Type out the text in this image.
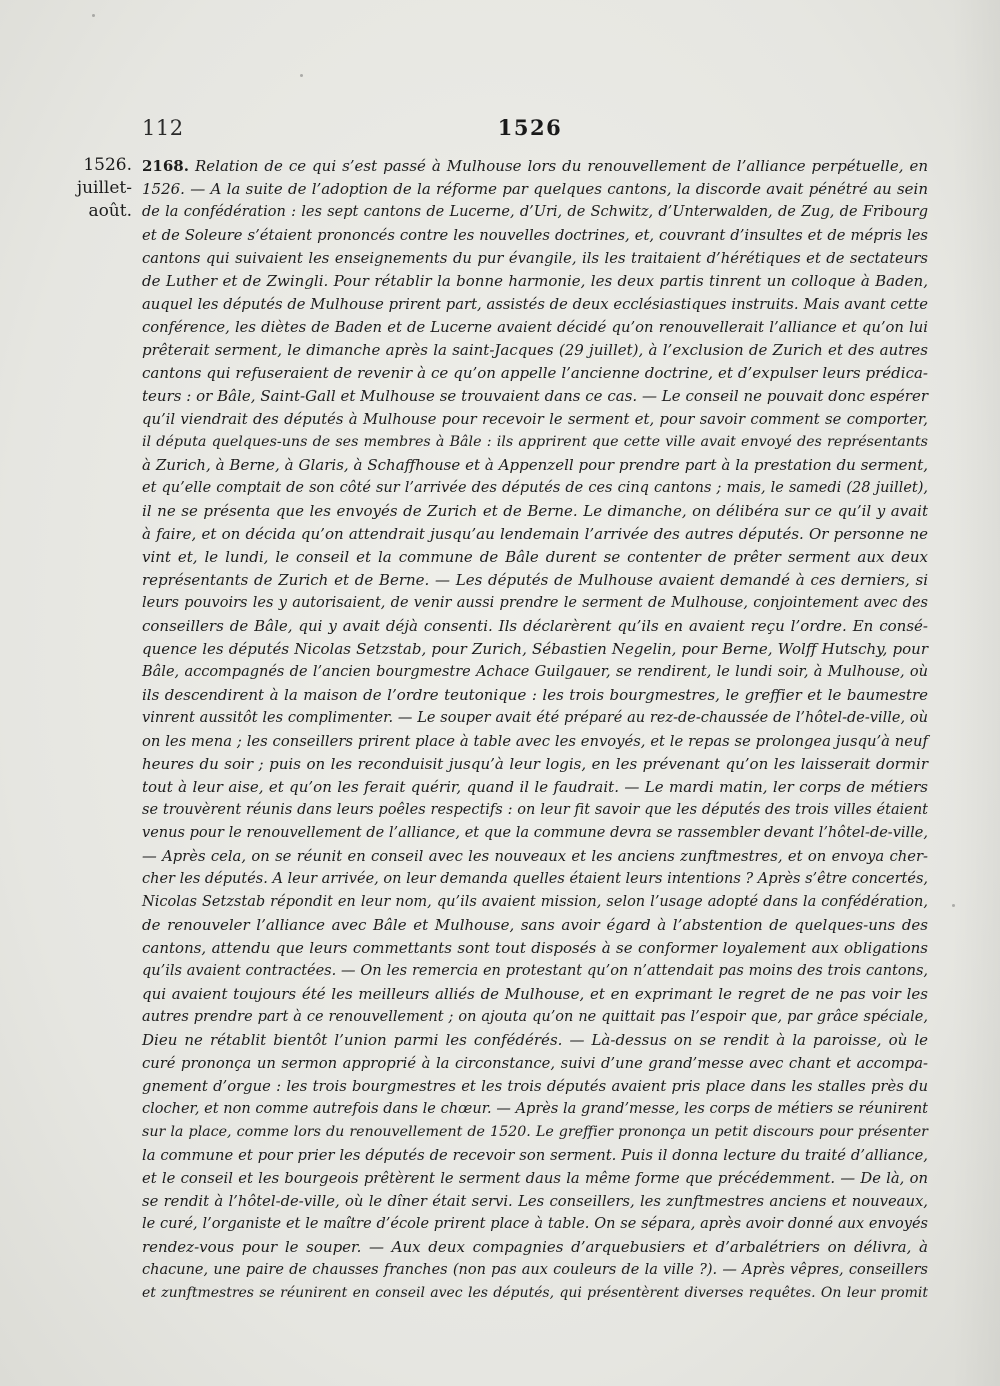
112	1526
1526.
juillet-
août.
2168. Relation de ce qui s’est passé à Mulhouse lors du renouvellement de l’alliance perpétuelle, en
1526. — A la suite de l’adoption de la réforme par quelques cantons, la discorde avait pénétré au sein
de la confédération : les sept cantons de Lucerne, d’Uri, de Schwitz, d’Unterwalden, de Zug, de Fribourg
et de Soleure s’étaient prononcés contre les nouvelles doctrines, et, couvrant d’insultes et de mépris les
cantons qui suivaient les enseignements du pur évangile, ils les traitaient d’hérétiques et de sectateurs
de Luther et de Zwingli. Pour rétablir la bonne harmonie, les deux partis tinrent un colloque à Baden,
auquel les députés de Mulhouse prirent part, assistés de deux ecclésiastiques instruits. Mais avant cette
conférence, les diètes de Baden et de Lucerne avaient décidé qu’on renouvellerait l’alliance et qu’on lui
prêterait serment, le dimanche après la saint-Jacques (29 juillet), à l’exclusion de Zurich et des autres
cantons qui refuseraient de revenir à ce qu’on appelle l’ancienne doctrine, et d’expulser leurs prédica-
teurs : or Bâle, Saint-Gall et Mulhouse se trouvaient dans ce cas. — Le conseil ne pouvait donc espérer
qu’il viendrait des députés à Mulhouse pour recevoir le serment et, pour savoir comment se comporter,
il députa quelques-uns de ses membres à Bâle : ils apprirent que cette ville avait envoyé des représentants
à Zurich, à Berne, à Glaris, à Schaffhouse et à Appenzell pour prendre part à la prestation du serment,
et qu’elle comptait de son côté sur l’arrivée des députés de ces cinq cantons ; mais, le samedi (28 juillet),
il ne se présenta que les envoyés de Zurich et de Berne. Le dimanche, on délibéra sur ce qu’il y avait
à faire, et on décida qu’on attendrait jusqu’au lendemain l’arrivée des autres députés. Or personne ne
vint et, le lundi, le conseil et la commune de Bâle durent se contenter de prêter serment aux deux
représentants de Zurich et de Berne. — Les députés de Mulhouse avaient demandé à ces derniers, si
leurs pouvoirs les y autorisaient, de venir aussi prendre le serment de Mulhouse, conjointement avec des
conseillers de Bâle, qui y avait déjà consenti. Ils déclarèrent qu’ils en avaient reçu l’ordre. En consé-
quence les députés Nicolas Setzstab, pour Zurich, Sébastien Negelin, pour Berne, Wolff Hutschy, pour
Bâle, accompagnés de l’ancien bourgmestre Achace Guilgauer, se rendirent, le lundi soir, à Mulhouse, où
ils descendirent à la maison de l’ordre teutonique : les trois bourgmestres, le greffier et le baumestre
vinrent aussitôt les complimenter. — Le souper avait été préparé au rez-de-chaussée de l’hôtel-de-ville, où
on les mena ; les conseillers prirent place à table avec les envoyés, et le repas se prolongea jusqu’à neuf
heures du soir ; puis on les reconduisit jusqu’à leur logis, en les prévenant qu’on les laisserait dormir
tout à leur aise, et qu’on les ferait quérir, quand il le faudrait. — Le mardi matin, ler corps de métiers
se trouvèrent réunis dans leurs poêles respectifs : on leur fit savoir que les députés des trois villes étaient
venus pour le renouvellement de l’alliance, et que la commune devra se rassembler devant l’hôtel-de-ville,
— Après cela, on se réunit en conseil avec les nouveaux et les anciens zunftmestres, et on envoya cher-
cher les députés. A leur arrivée, on leur demanda quelles étaient leurs intentions ? Après s’être concertés,
Nicolas Setzstab répondit en leur nom, qu’ils avaient mission, selon l’usage adopté dans la confédération,
de renouveler l’alliance avec Bâle et Mulhouse, sans avoir égard à l’abstention de quelques-uns des
cantons, attendu que leurs commettants sont tout disposés à se conformer loyalement aux obligations
qu’ils avaient contractées. — On les remercia en protestant qu’on n’attendait pas moins des trois cantons,
qui avaient toujours été les meilleurs alliés de Mulhouse, et en exprimant le regret de ne pas voir les
autres prendre part à ce renouvellement ; on ajouta qu’on ne quittait pas l’espoir que, par grâce spéciale,
Dieu ne rétablit bientôt l’union parmi les confédérés. — Là-dessus on se rendit à la paroisse, où le
curé prononça un sermon approprié à la circonstance, suivi d’une grand’messe avec chant et accompa-
gnement d’orgue : les trois bourgmestres et les trois députés avaient pris place dans les stalles près du
clocher, et non comme autrefois dans le chœur. — Après la grand’messe, les corps de métiers se réunirent
sur la place, comme lors du renouvellement de 1520. Le greffier prononça un petit discours pour présenter
la commune et pour prier les députés de recevoir son serment. Puis il donna lecture du traité d’alliance,
et le conseil et les bourgeois prêtèrent le serment daus la même forme que précédemment. — De là, on
se rendit à l’hôtel-de-ville, où le dîner était servi. Les conseillers, les zunftmestres anciens et nouveaux,
le curé, l’organiste et le maître d’école prirent place à table. On se sépara, après avoir donné aux envoyés
rendez-vous pour le souper. — Aux deux compagnies d’arquebusiers et d’arbalétriers on délivra, à
chacune, une paire de chausses franches (non pas aux couleurs de la ville ?). — Après vêpres, conseillers
et zunftmestres se réunirent en conseil avec les députés, qui présentèrent diverses requêtes. On leur promit
